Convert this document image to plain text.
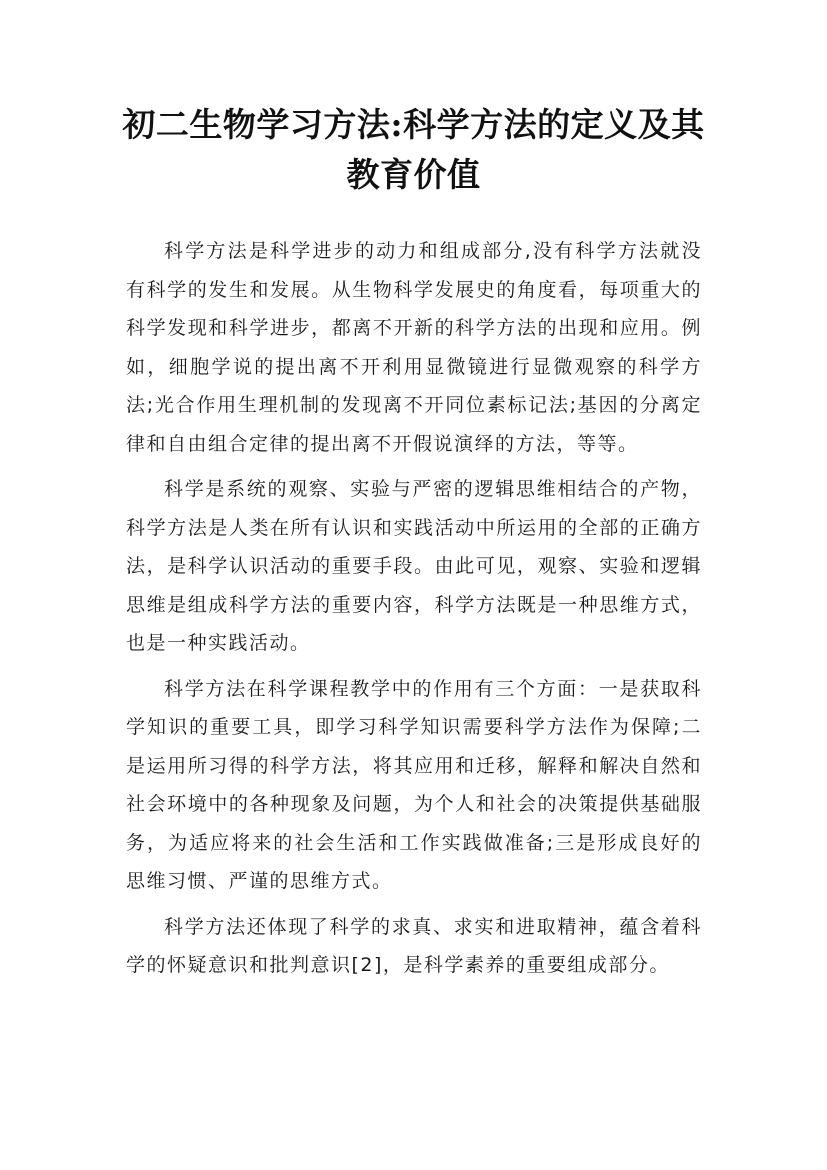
初二生物学习方法:科学方法的定义及其教育价值

科学方法是科学进步的动力和组成部分,没有科学方法就没有科学的发生和发展。从生物科学发展史的角度看，每项重大的科学发现和科学进步，都离不开新的科学方法的出现和应用。例如，细胞学说的提出离不开利用显微镜进行显微观察的科学方法;光合作用生理机制的发现离不开同位素标记法;基因的分离定律和自由组合定律的提出离不开假说演绎的方法，等等。

科学是系统的观察、实验与严密的逻辑思维相结合的产物，科学方法是人类在所有认识和实践活动中所运用的全部的正确方法，是科学认识活动的重要手段。由此可见，观察、实验和逻辑思维是组成科学方法的重要内容，科学方法既是一种思维方式，也是一种实践活动。

科学方法在科学课程教学中的作用有三个方面：一是获取科学知识的重要工具，即学习科学知识需要科学方法作为保障;二是运用所习得的科学方法，将其应用和迁移，解释和解决自然和社会环境中的各种现象及问题，为个人和社会的决策提供基础服务，为适应将来的社会生活和工作实践做准备;三是形成良好的思维习惯、严谨的思维方式。

科学方法还体现了科学的求真、求实和进取精神，蕴含着科学的怀疑意识和批判意识[2]，是科学素养的重要组成部分。
